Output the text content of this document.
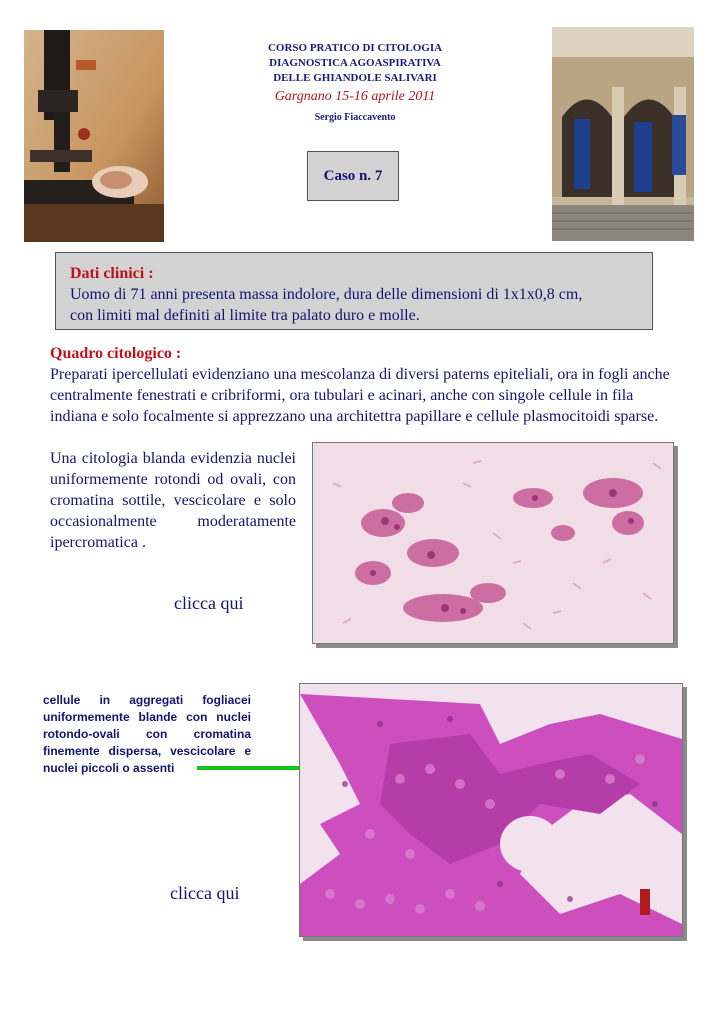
CORSO PRATICO DI CITOLOGIA
DIAGNOSTICA AGOASPIRATIVA
DELLE GHIANDOLE SALIVARI
Gargnano 15-16 aprile 2011
Sergio Fiaccavento
Caso n. 7
Dati clinici :
Uomo di 71 anni presenta massa indolore, dura delle dimensioni di 1x1x0,8 cm,
con limiti mal definiti al limite tra palato duro e molle.
Quadro citologico :
Preparati ipercellulati evidenziano una mescolanza di diversi paterns epiteliali, ora in fogli anche centralmente fenestrati e cribriformi, ora tubulari e acinari, anche con singole cellule in fila indiana e solo focalmente si apprezzano una architettra papillare e cellule plasmocitoidi sparse.
Una citologia blanda evidenzia nuclei uniformemente rotondi od ovali, con cromatina sottile, vescicolare e solo occasionalmente moderatamente ipercromatica .
clicca qui
cellule in aggregati fogliacei uniformemente blande con nuclei rotondo-ovali con cromatina finemente dispersa, vescicolare e nuclei piccoli o assenti
clicca qui
